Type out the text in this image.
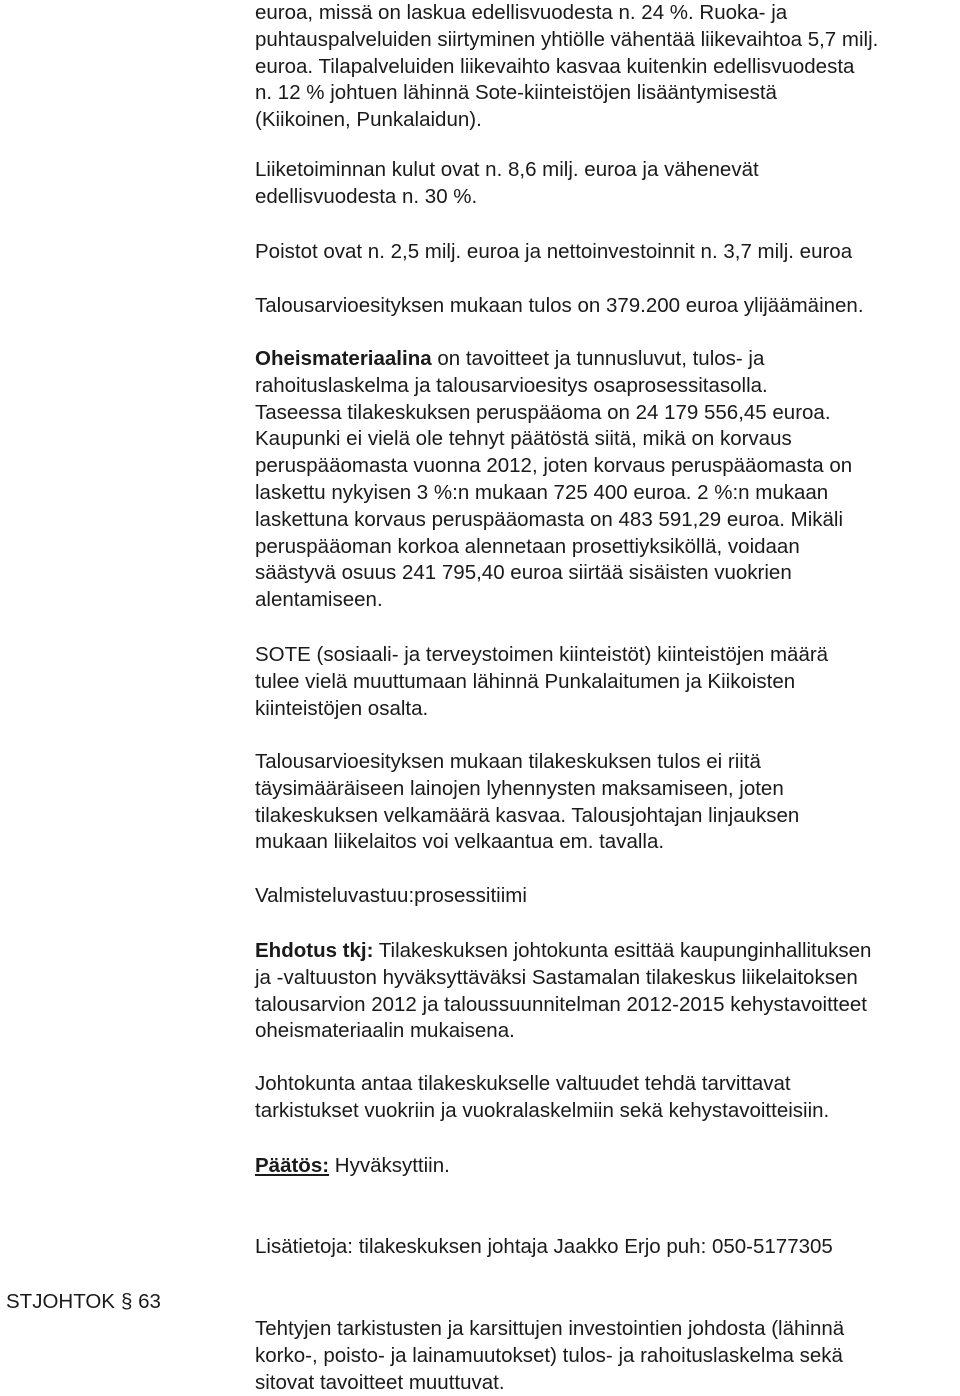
euroa, missä on laskua edellisvuodesta n. 24 %. Ruoka- ja
puhtauspalveluiden siirtyminen yhtiölle vähentää liikevaihtoa 5,7 milj.
euroa. Tilapalveluiden liikevaihto kasvaa kuitenkin edellisvuodesta
n. 12 % johtuen lähinnä Sote-kiinteistöjen lisääntymisestä
(Kiikoinen, Punkalaidun).
Liiketoiminnan kulut ovat n. 8,6 milj. euroa ja vähenevät
edellisvuodesta n. 30 %.
Poistot ovat n. 2,5 milj. euroa ja nettoinvestoinnit n. 3,7 milj. euroa
Talousarvioesityksen mukaan tulos on 379.200 euroa ylijäämäinen.
Oheismateriaalina on tavoitteet ja tunnusluvut, tulos- ja
rahoituslaskelma ja talousarvioesitys osaprosessitasolla.
Taseessa tilakeskuksen peruspääoma on 24 179 556,45 euroa.
Kaupunki ei vielä ole tehnyt päätöstä siitä, mikä on korvaus
peruspääomasta vuonna 2012, joten korvaus peruspääomasta on
laskettu nykyisen 3 %:n mukaan 725 400 euroa. 2 %:n mukaan
laskettuna korvaus peruspääomasta on 483 591,29 euroa. Mikäli
peruspääoman korkoa alennetaan prosettiyksiköllä, voidaan
säästyvä osuus 241 795,40 euroa siirtää sisäisten vuokrien
alentamiseen.
SOTE (sosiaali- ja terveystoimen kiinteistöt) kiinteistöjen määrä
tulee vielä muuttumaan lähinnä Punkalaitumen ja Kiikoisten
kiinteistöjen osalta.
Talousarvioesityksen mukaan tilakeskuksen tulos ei riitä
täysimääräiseen lainojen lyhennysten maksamiseen, joten
tilakeskuksen velkamäärä kasvaa. Talousjohtajan linjauksen
mukaan liikelaitos voi velkaantua em. tavalla.
Valmisteluvastuu:prosessitiimi
Ehdotus tkj: Tilakeskuksen johtokunta esittää kaupunginhallituksen
ja -valtuuston hyväksyttäväksi Sastamalan tilakeskus liikelaitoksen
talousarvion 2012 ja taloussuunnitelman 2012-2015 kehystavoitteet
oheismateriaalin mukaisena.
Johtokunta antaa tilakeskukselle valtuudet tehdä tarvittavat
tarkistukset vuokriin ja vuokralaskelmiin sekä kehystavoitteisiin.
Päätös: Hyväksyttiin.
Lisätietoja: tilakeskuksen johtaja Jaakko Erjo puh: 050-5177305
STJOHTOK § 63
Tehtyjen tarkistusten ja karsittujen investointien johdosta (lähinnä
korko-, poisto- ja lainamuutokset) tulos- ja rahoituslaskelma sekä
sitovat tavoitteet muuttuvat.
